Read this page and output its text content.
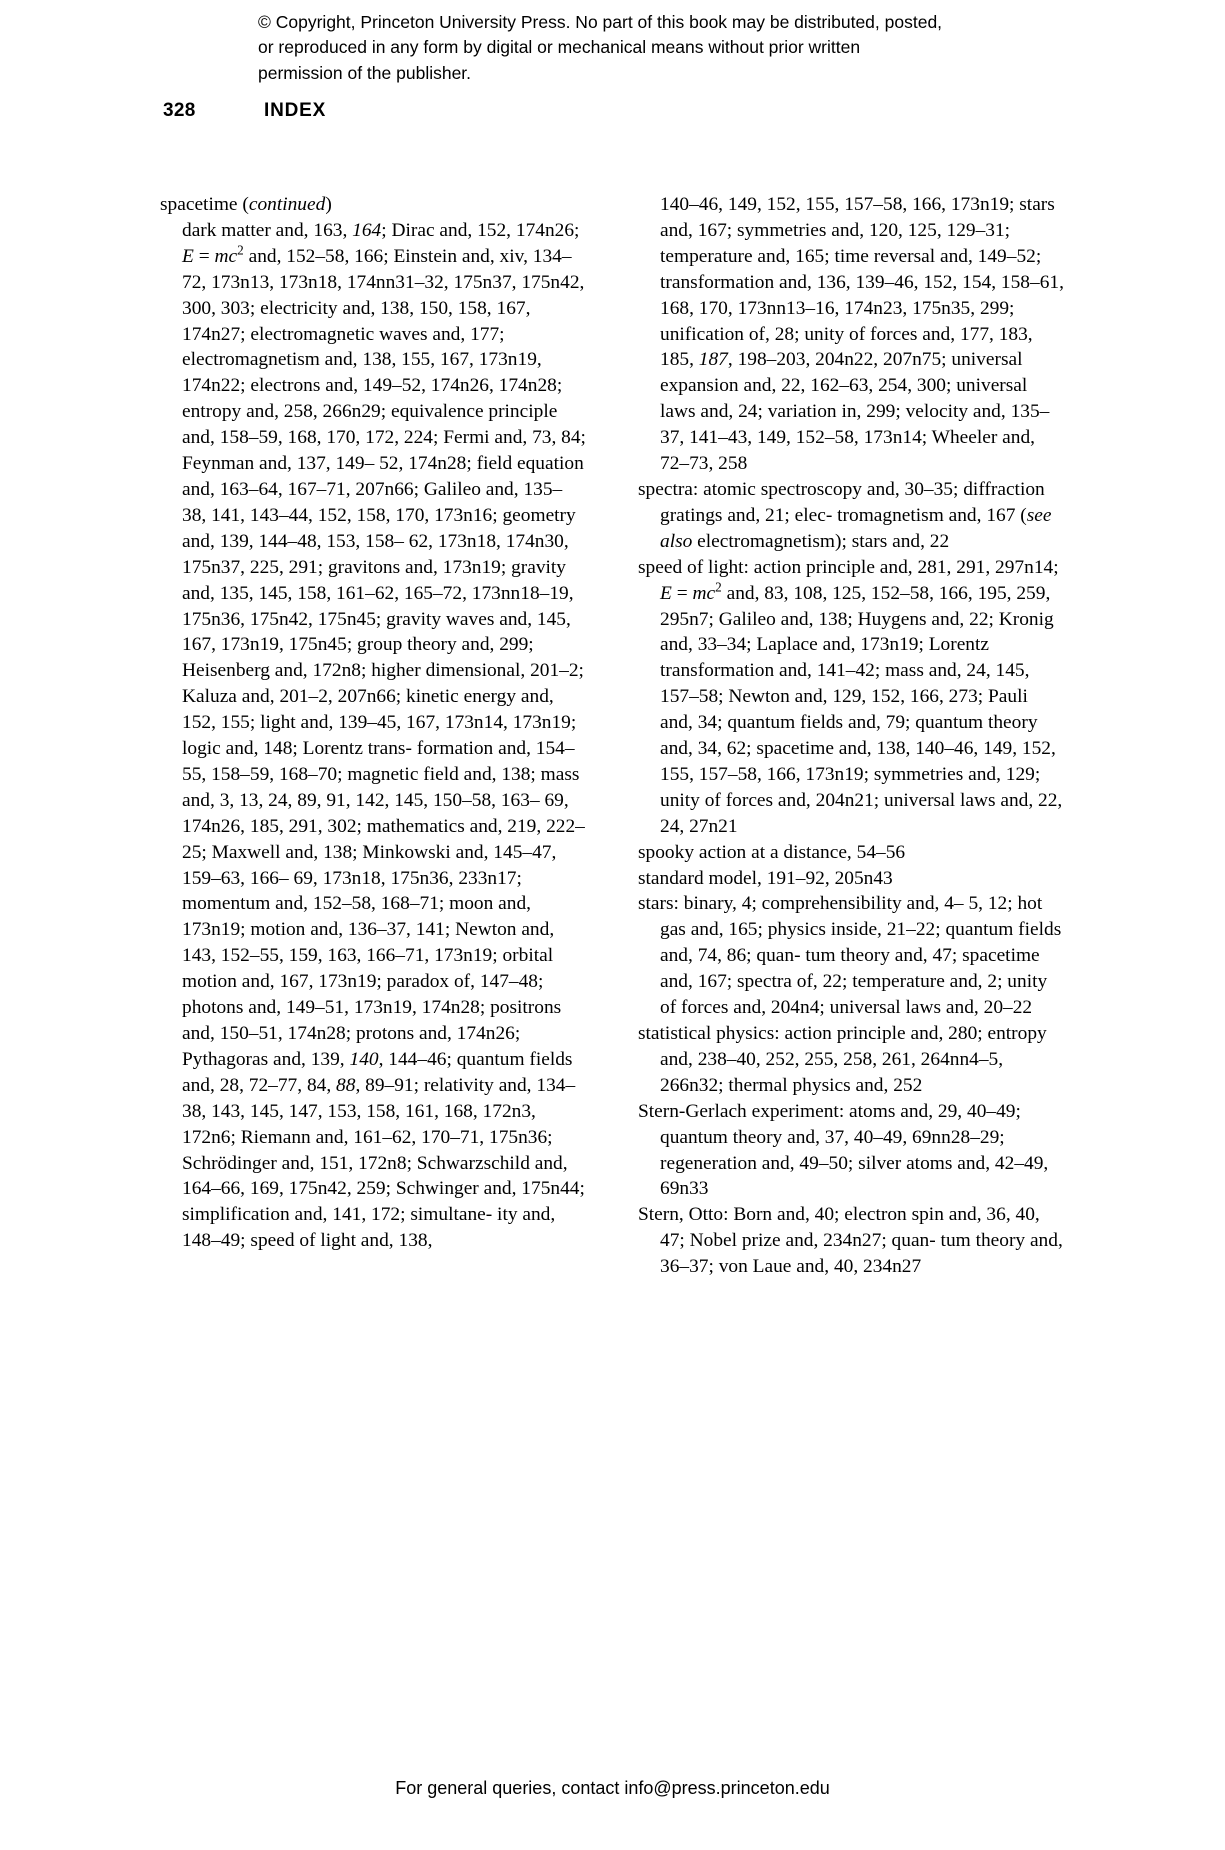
© Copyright, Princeton University Press. No part of this book may be distributed, posted, or reproduced in any form by digital or mechanical means without prior written permission of the publisher.
328	INDEX

spacetime (continued)

dark matter and, 163, 164; Dirac and, 152, 174n26; $E = mc^2$ and, 152–58, 166; Einstein and, xiv, 134–72, 173n13, 173n18, 174nn31–32, 175n37, 175n42, 300, 303; electricity and, 138, 150, 158, 167, 174n27; electromagnetic waves and, 177; electromagnetism and, 138, 155, 167, 173n19, 174n22; electrons and, 149–52, 174n26, 174n28; entropy and, 258, 266n29; equivalence principle and, 158–59, 168, 170, 172, 224; Fermi and, 73, 84; Feynman and, 137, 149– 52, 174n28; field equation and, 163–64, 167–71, 207n66; Galileo and, 135–38, 141, 143–44, 152, 158, 170, 173n16; geometry and, 139, 144–48, 153, 158– 62, 173n18, 174n30, 175n37, 225, 291; gravitons and, 173n19; gravity and, 135, 145, 158, 161–62, 165–72, 173nn18–19, 175n36, 175n42, 175n45; gravity waves and, 145, 167, 173n19, 175n45; group theory and, 299; Heisenberg and, 172n8; higher dimensional, 201–2; Kaluza and, 201–2, 207n66; kinetic energy and, 152, 155; light and, 139–45, 167, 173n14, 173n19; logic and, 148; Lorentz trans- formation and, 154–55, 158–59, 168–70; magnetic field and, 138; mass and, 3, 13, 24, 89, 91, 142, 145, 150–58, 163– 69, 174n26, 185, 291, 302; mathematics and, 219, 222–25; Maxwell and, 138; Minkowski and, 145–47, 159–63, 166– 69, 173n18, 175n36, 233n17; momentum and, 152–58, 168–71; moon and, 173n19; motion and, 136–37, 141; Newton and, 143, 152–55, 159, 163, 166–71, 173n19; orbital motion and, 167, 173n19; paradox of, 147–48; photons and, 149–51, 173n19, 174n28; positrons and, 150–51, 174n28; protons and, 174n26; Pythagoras and, 139, 140, 144–46; quantum fields and, 28, 72–77, 84, 88, 89–91; relativity and, 134–38, 143, 145, 147, 153, 158, 161, 168, 172n3, 172n6; Riemann and, 161–62, 170–71, 175n36; Schrödinger and, 151, 172n8; Schwarzschild and, 164–66, 169, 175n42, 259; Schwinger and, 175n44; simplification and, 141, 172; simultane- ity and, 148–49; speed of light and, 138,

140–46, 149, 152, 155, 157–58, 166, 173n19; stars and, 167; symmetries and, 120, 125, 129–31; temperature and, 165; time reversal and, 149–52; transformation and, 136, 139–46, 152, 154, 158–61, 168, 170, 173nn13–16, 174n23, 175n35, 299; unification of, 28; unity of forces and, 177, 183, 185, 187, 198–203, 204n22, 207n75; universal expansion and, 22, 162–63, 254, 300; universal laws and, 24; variation in, 299; velocity and, 135–37, 141–43, 149, 152–58, 173n14; Wheeler and, 72–73, 258

spectra: atomic spectroscopy and, 30–35; diffraction gratings and, 21; elec- tromagnetism and, 167 (see also electromagnetism); stars and, 22

speed of light: action principle and, 281, 291, 297n14; $E = mc^2$ and, 83, 108, 125, 152–58, 166, 195, 259, 295n7; Galileo and, 138; Huygens and, 22; Kronig and, 33–34; Laplace and, 173n19; Lorentz transformation and, 141–42; mass and, 24, 145, 157–58; Newton and, 129, 152, 166, 273; Pauli and, 34; quantum fields and, 79; quantum theory and, 34, 62; spacetime and, 138, 140–46, 149, 152, 155, 157–58, 166, 173n19; symmetries and, 129; unity of forces and, 204n21; universal laws and, 22, 24, 27n21

spooky action at a distance, 54–56

standard model, 191–92, 205n43

stars: binary, 4; comprehensibility and, 4– 5, 12; hot gas and, 165; physics inside, 21–22; quantum fields and, 74, 86; quan- tum theory and, 47; spacetime and, 167; spectra of, 22; temperature and, 2; unity of forces and, 204n4; universal laws and, 20–22

statistical physics: action principle and, 280; entropy and, 238–40, 252, 255, 258, 261, 264nn4–5, 266n32; thermal physics and, 252

Stern-Gerlach experiment: atoms and, 29, 40–49; quantum theory and, 37, 40–49, 69nn28–29; regeneration and, 49–50; silver atoms and, 42–49, 69n33

Stern, Otto: Born and, 40; electron spin and, 36, 40, 47; Nobel prize and, 234n27; quan- tum theory and, 36–37; von Laue and, 40, 234n27

For general queries, contact info@press.princeton.edu
